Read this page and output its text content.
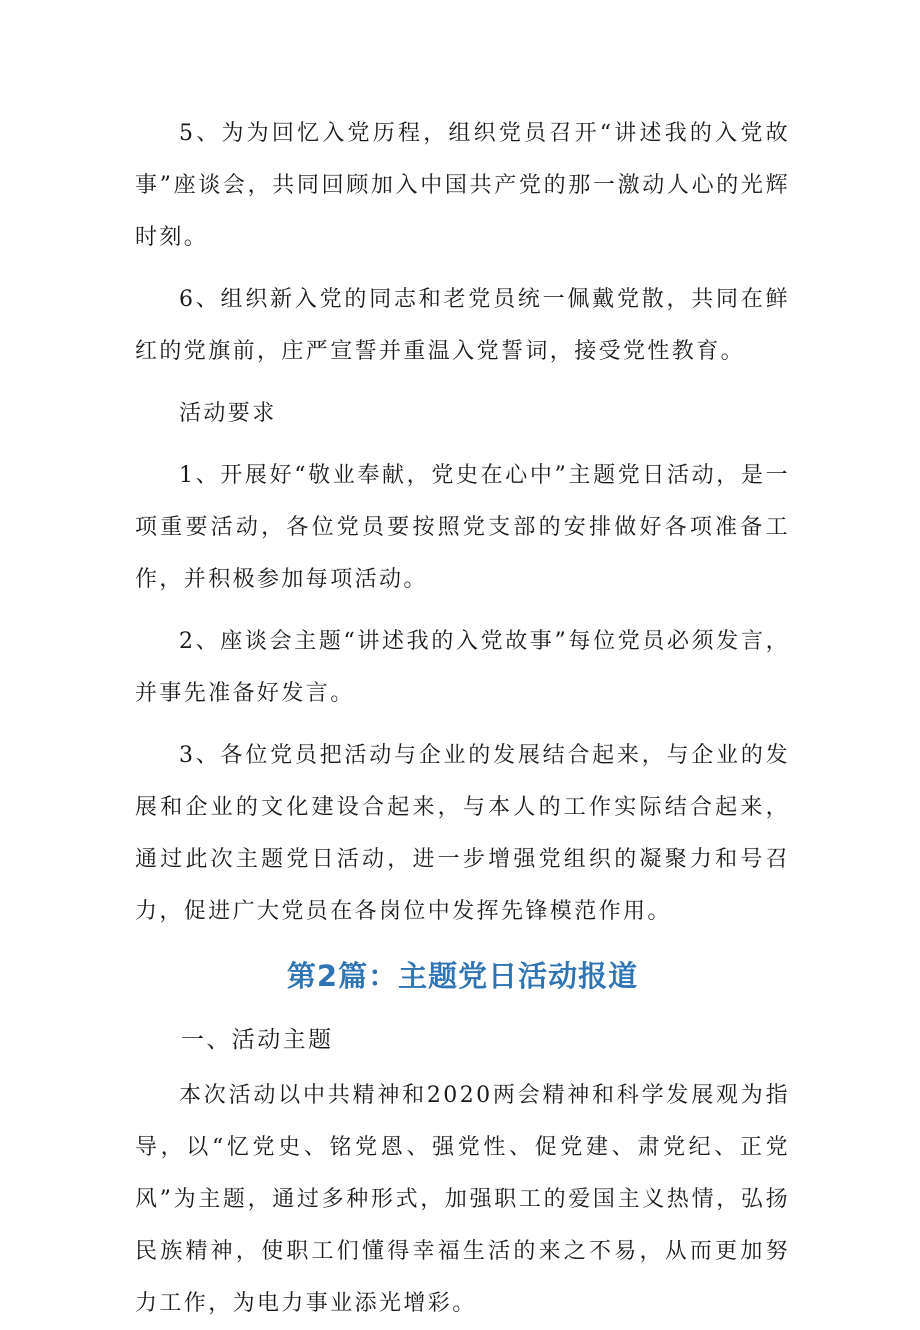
5、为为回忆入党历程，组织党员召开“讲述我的入党故事”座谈会，共同回顾加入中国共产党的那一激动人心的光辉时刻。

6、组织新入党的同志和老党员统一佩戴党散，共同在鲜红的党旗前，庄严宣誓并重温入党誓词，接受党性教育。

活动要求

1、开展好“敬业奉献，党史在心中”主题党日活动，是一项重要活动，各位党员要按照党支部的安排做好各项准备工作，并积极参加每项活动。

2、座谈会主题“讲述我的入党故事”每位党员必须发言，并事先准备好发言。

3、各位党员把活动与企业的发展结合起来，与企业的发展和企业的文化建设合起来，与本人的工作实际结合起来，通过此次主题党日活动，进一步增强党组织的凝聚力和号召力，促进广大党员在各岗位中发挥先锋模范作用。

第2篇：主题党日活动报道

一、活动主题

本次活动以中共精神和2020两会精神和科学发展观为指导，以“忆党史、铭党恩、强党性、促党建、肃党纪、正党风”为主题，通过多种形式，加强职工的爱国主义热情，弘扬民族精神，使职工们懂得幸福生活的来之不易，从而更加努力工作，为电力事业添光增彩。
